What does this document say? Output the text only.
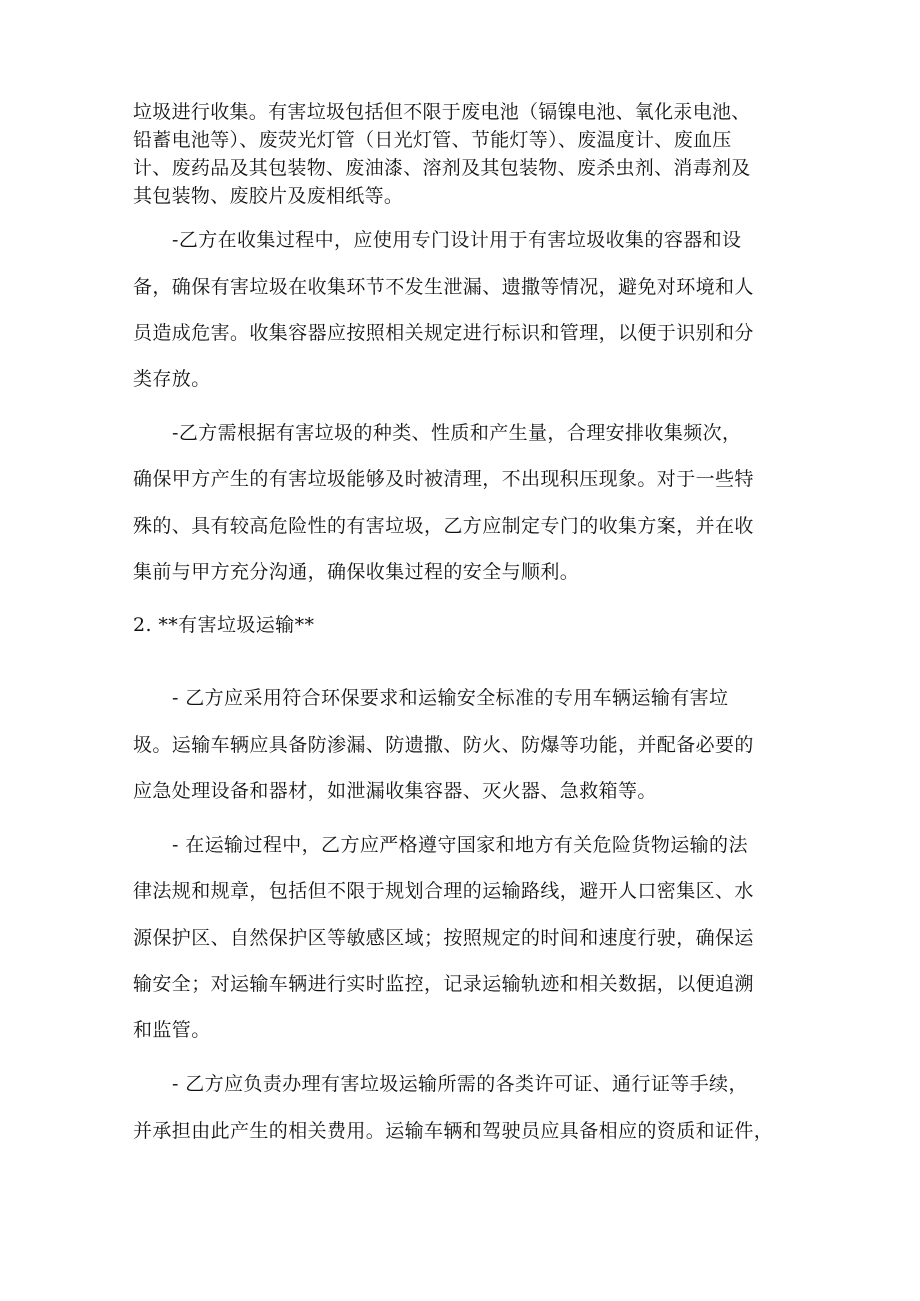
垃圾进行收集。有害垃圾包括但不限于废电池（镉镍电池、氧化汞电池、
铅蓄电池等）、废荧光灯管（日光灯管、节能灯等）、废温度计、废血压
计、废药品及其包装物、废油漆、溶剂及其包装物、废杀虫剂、消毒剂及
其包装物、废胶片及废相纸等。
-乙方在收集过程中，应使用专门设计用于有害垃圾收集的容器和设
备，确保有害垃圾在收集环节不发生泄漏、遗撒等情况，避免对环境和人
员造成危害。收集容器应按照相关规定进行标识和管理，以便于识别和分
类存放。
-乙方需根据有害垃圾的种类、性质和产生量，合理安排收集频次，
确保甲方产生的有害垃圾能够及时被清理，不出现积压现象。对于一些特
殊的、具有较高危险性的有害垃圾，乙方应制定专门的收集方案，并在收
集前与甲方充分沟通，确保收集过程的安全与顺利。
2. **有害垃圾运输**
- 乙方应采用符合环保要求和运输安全标准的专用车辆运输有害垃
圾。运输车辆应具备防渗漏、防遗撒、防火、防爆等功能，并配备必要的
应急处理设备和器材，如泄漏收集容器、灭火器、急救箱等。
- 在运输过程中，乙方应严格遵守国家和地方有关危险货物运输的法
律法规和规章，包括但不限于规划合理的运输路线，避开人口密集区、水
源保护区、自然保护区等敏感区域；按照规定的时间和速度行驶，确保运
输安全；对运输车辆进行实时监控，记录运输轨迹和相关数据，以便追溯
和监管。
- 乙方应负责办理有害垃圾运输所需的各类许可证、通行证等手续，
并承担由此产生的相关费用。运输车辆和驾驶员应具备相应的资质和证件，
